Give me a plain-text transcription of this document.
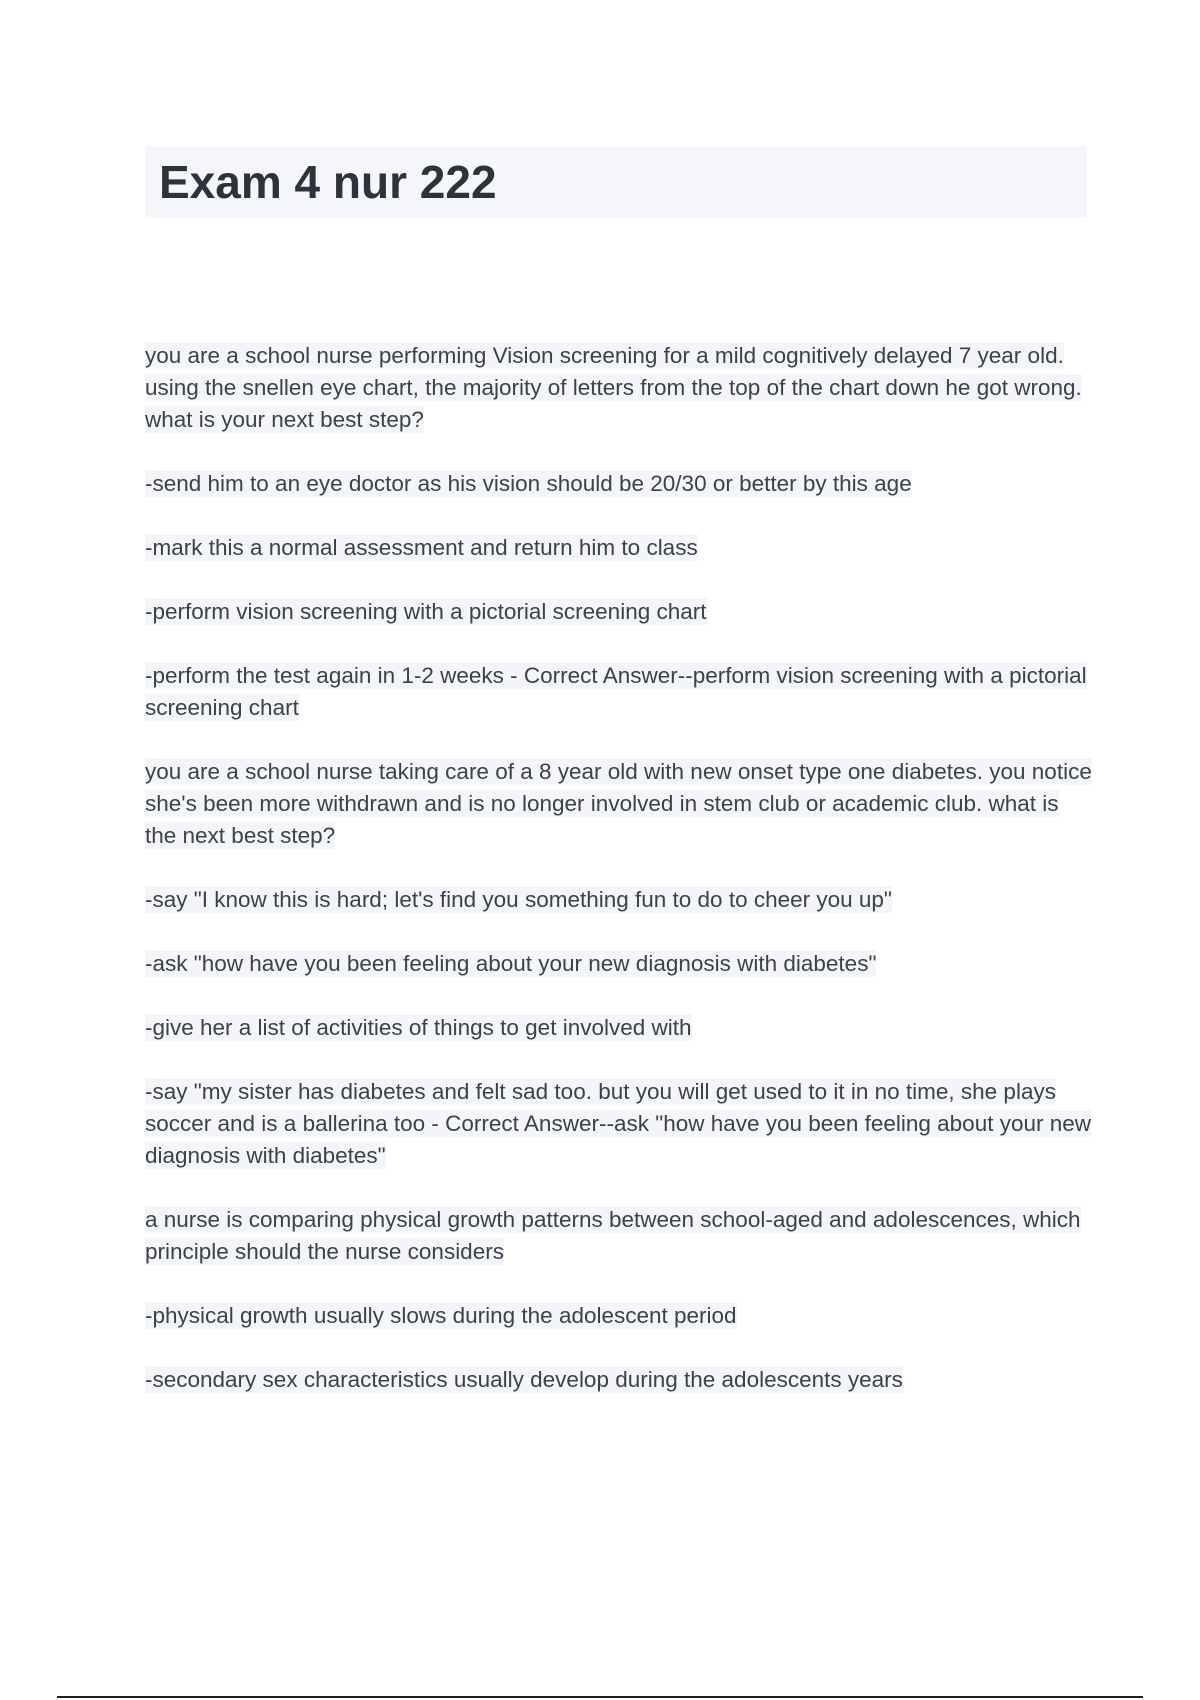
Exam 4 nur 222

you are a school nurse performing Vision screening for a mild cognitively delayed 7 year old. using the snellen eye chart, the majority of letters from the top of the chart down he got wrong. what is your next best step?

-send him to an eye doctor as his vision should be 20/30 or better by this age

-mark this a normal assessment and return him to class

-perform vision screening with a pictorial screening chart

-perform the test again in 1-2 weeks - Correct Answer--perform vision screening with a pictorial screening chart

you are a school nurse taking care of a 8 year old with new onset type one diabetes. you notice she's been more withdrawn and is no longer involved in stem club or academic club. what is the next best step?

-say "I know this is hard; let's find you something fun to do to cheer you up"

-ask "how have you been feeling about your new diagnosis with diabetes"

-give her a list of activities of things to get involved with

-say "my sister has diabetes and felt sad too. but you will get used to it in no time, she plays soccer and is a ballerina too - Correct Answer--ask "how have you been feeling about your new diagnosis with diabetes"

a nurse is comparing physical growth patterns between school-aged and adolescences, which principle should the nurse considers

-physical growth usually slows during the adolescent period

-secondary sex characteristics usually develop during the adolescents years
